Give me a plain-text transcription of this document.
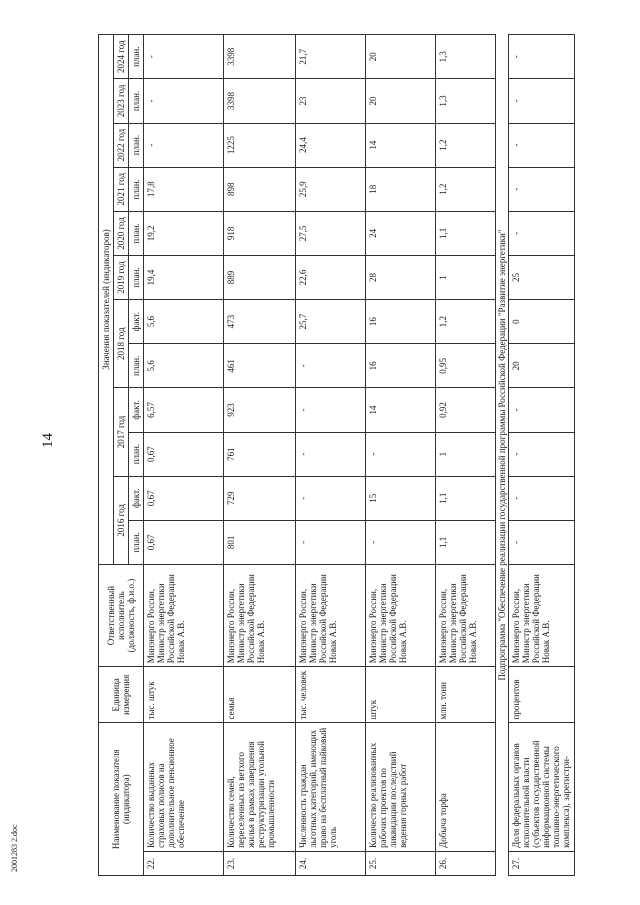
14
2001283 2.doc	Наименование показателя (индикатора)		Единица измерения	Ответственный исполнитель (должность, ф.и.о.)	Значения показателей (индикаторов)											
				2016 год		2017 год		2018 год		2019 год	2020 год	2021 год	2022 год	2023 год	2024 год
				план.	факт.	план.	факт.	план.	факт.	план.	план.	план.	план.	план.	план.
22.	Количество выданных страховых полисов на дополнительное пенсионное обеспечение	тыс. штук	Минэнерго России, Министр энергетики Российской Федерации Новак А.В.	0,67	0,67	0,67	6,57	5,6	5,6	19,4	19,2	17,8	-	-	-
23.	Количество семей, переселенных из ветхого жилья в рамках завершения реструктуризации угольной промышленности	семья	Минэнерго России, Министр энергетики Российской Федерации Новак А.В.	801	729	761	923	461	473	889	918	898	1225	3398	3398
24.	Численность граждан льготных категорий, имеющих право на бесплатный пайковый уголь	тыс. человек	Минэнерго России, Министр энергетики Российской Федерации Новак А.В.	-	-	-	-	-	25,7	22,6	27,5	25,9	24,4	23	21,7
25.	Количество реализованных рабочих проектов по ликвидации последствий ведения горных работ	штук	Минэнерго России, Министр энергетики Российской Федерации Новак А.В.	-	15	-	14	16	16	28	24	18	14	20	20
26.	Добыча торфа	млн. тонн	Минэнерго России, Министр энергетики Российской Федерации Новак А.В.	1,1	1,1	1	0,92	0,95	1,2	1	1,1	1,2	1,2	1,3	1,3
Подпрограмма "Обеспечение реализации государственной программы Российской Федерации "Развитие энергетики"															
27.	Доля федеральных органов исполнительной власти (субъектов государственной информационной системы топливно-энергетического комплекса), зарегистри-	процентов	Минэнерго России, Министр энергетики Российской Федерации Новак А.В.	-	-	-	-	20	0	25	-	-	-	-	-
